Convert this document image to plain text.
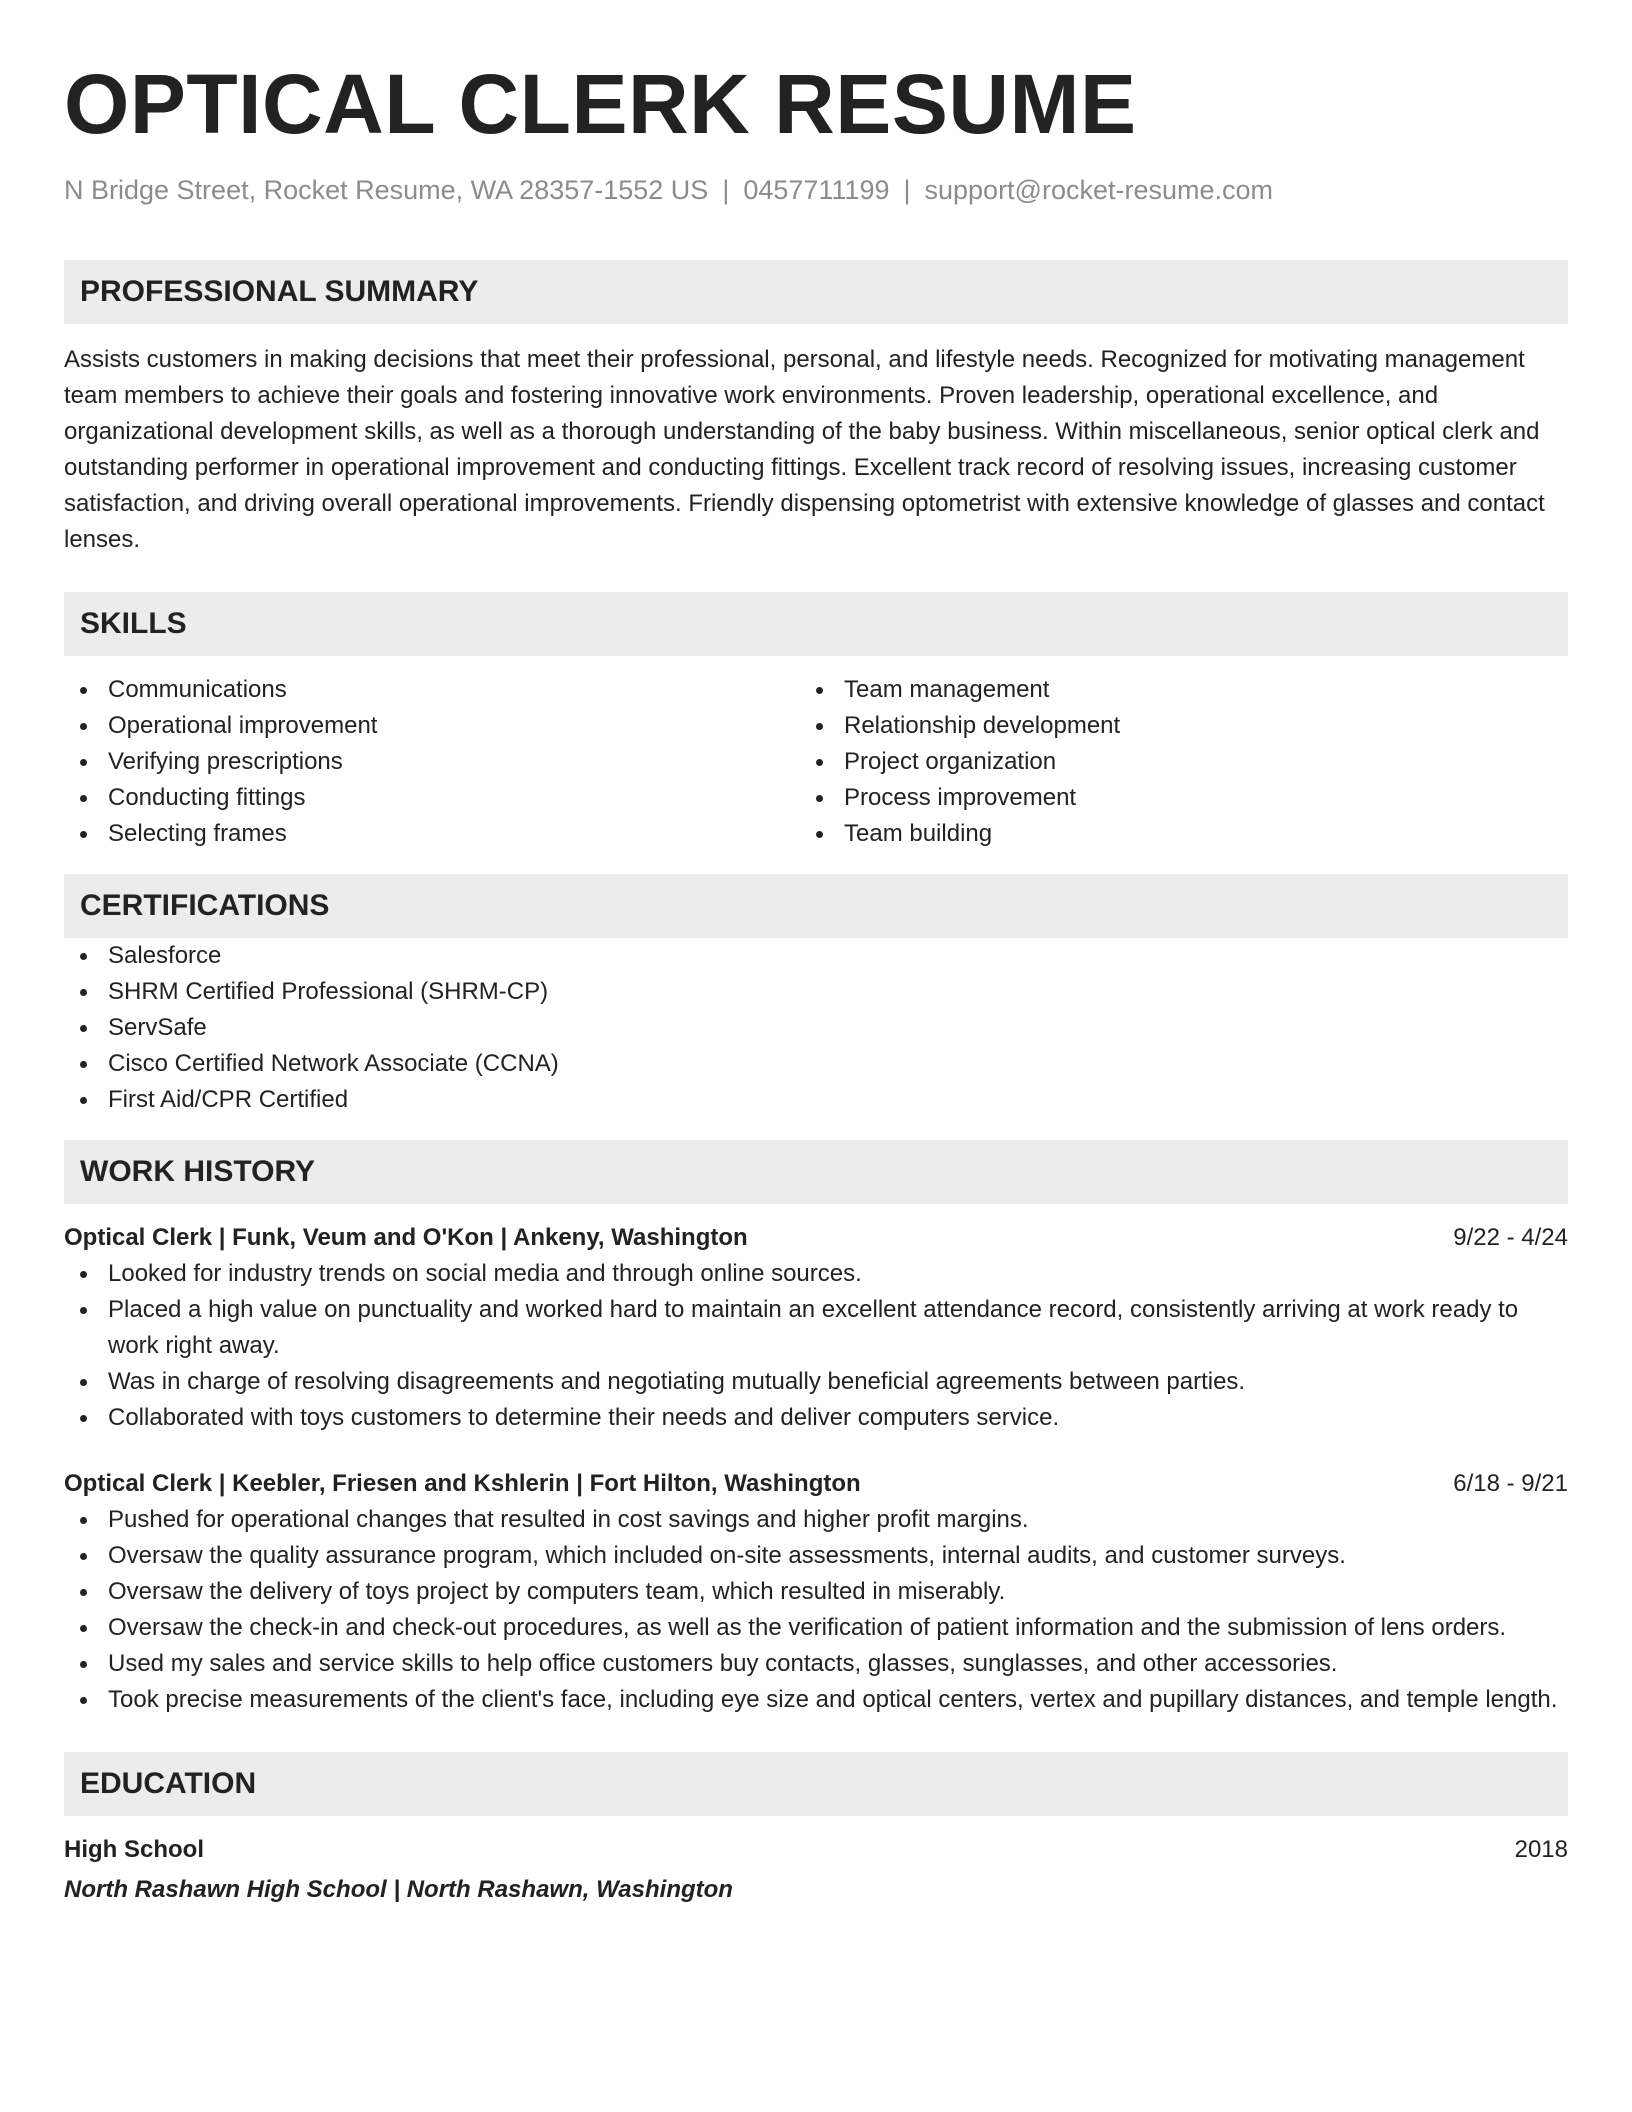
OPTICAL CLERK RESUME
N Bridge Street, Rocket Resume, WA 28357-1552 US | 0457711199 | support@rocket-resume.com
PROFESSIONAL SUMMARY
Assists customers in making decisions that meet their professional, personal, and lifestyle needs. Recognized for motivating management team members to achieve their goals and fostering innovative work environments. Proven leadership, operational excellence, and organizational development skills, as well as a thorough understanding of the baby business. Within miscellaneous, senior optical clerk and outstanding performer in operational improvement and conducting fittings. Excellent track record of resolving issues, increasing customer satisfaction, and driving overall operational improvements. Friendly dispensing optometrist with extensive knowledge of glasses and contact lenses.
SKILLS
Communications
Operational improvement
Verifying prescriptions
Conducting fittings
Selecting frames
Team management
Relationship development
Project organization
Process improvement
Team building
CERTIFICATIONS
Salesforce
SHRM Certified Professional (SHRM-CP)
ServSafe
Cisco Certified Network Associate (CCNA)
First Aid/CPR Certified
WORK HISTORY
Optical Clerk | Funk, Veum and O'Kon | Ankeny, Washington	9/22 - 4/24
Looked for industry trends on social media and through online sources.
Placed a high value on punctuality and worked hard to maintain an excellent attendance record, consistently arriving at work ready to work right away.
Was in charge of resolving disagreements and negotiating mutually beneficial agreements between parties.
Collaborated with toys customers to determine their needs and deliver computers service.
Optical Clerk | Keebler, Friesen and Kshlerin | Fort Hilton, Washington	6/18 - 9/21
Pushed for operational changes that resulted in cost savings and higher profit margins.
Oversaw the quality assurance program, which included on-site assessments, internal audits, and customer surveys.
Oversaw the delivery of toys project by computers team, which resulted in miserably.
Oversaw the check-in and check-out procedures, as well as the verification of patient information and the submission of lens orders.
Used my sales and service skills to help office customers buy contacts, glasses, sunglasses, and other accessories.
Took precise measurements of the client's face, including eye size and optical centers, vertex and pupillary distances, and temple length.
EDUCATION
High School	2018
North Rashawn High School | North Rashawn, Washington
